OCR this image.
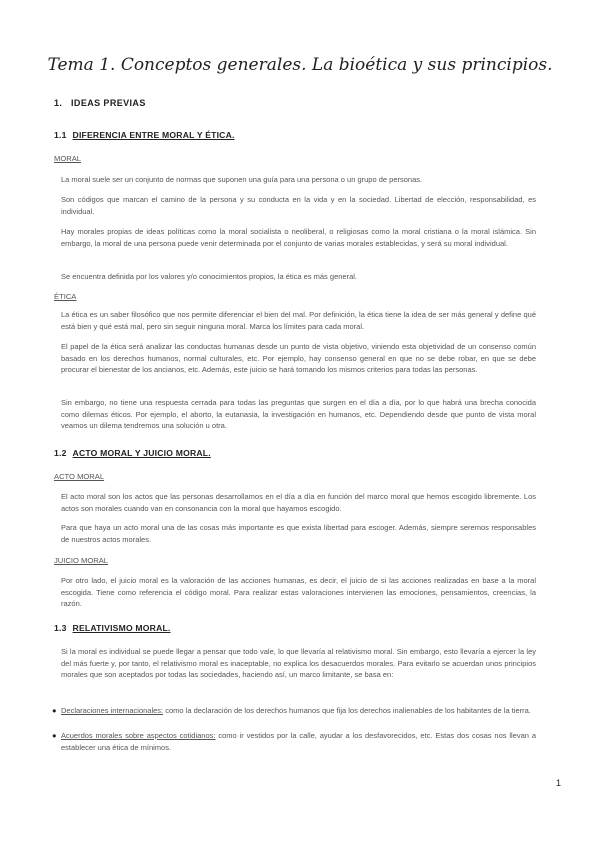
Tema 1. Conceptos generales. La bioética y sus principios.
1. IDEAS PREVIAS
1.1 DIFERENCIA ENTRE MORAL Y ÉTICA.
MORAL

La moral suele ser un conjunto de normas que suponen una guía para una persona o un grupo de personas.

Son códigos que marcan el camino de la persona y su conducta en la vida y en la sociedad. Libertad de elección, responsabilidad, es individual.

Hay morales propias de ideas políticas como la moral socialista o neoliberal, o religiosas como la moral cristiana o la moral islámica. Sin embargo, la moral de una persona puede venir determinada por el conjunto de varias morales establecidas, y será su moral individual.

Se encuentra definida por los valores y/o conocimientos propios, la ética es más general.

ÉTICA

La ética es un saber filosófico que nos permite diferenciar el bien del mal. Por definición, la ética tiene la idea de ser más general y define qué está bien y qué está mal, pero sin seguir ninguna moral. Marca los límites para cada moral.

El papel de la ética será analizar las conductas humanas desde un punto de vista objetivo, viniendo esta objetividad de un consenso común basado en los derechos humanos, normal culturales, etc. Por ejemplo, hay consenso general en que no se debe robar, en que se debe procurar el bienestar de los ancianos, etc. Además, este juicio se hará tomando los mismos criterios para todas las personas.

Sin embargo, no tiene una respuesta cerrada para todas las preguntas que surgen en el día a día, por lo que habrá una brecha conocida como dilemas éticos. Por ejemplo, el aborto, la eutanasia, la investigación en humanos, etc. Dependiendo desde que punto de vista moral veamos un dilema tendremos una solución u otra.

1.2 ACTO MORAL Y JUICIO MORAL.
ACTO MORAL

El acto moral son los actos que las personas desarrollamos en el día a día en función del marco moral que hemos escogido libremente. Los actos son morales cuando van en consonancia con la moral que hayamos escogido.

Para que haya un acto moral una de las cosas más importante es que exista libertad para escoger. Además, siempre seremos responsables de nuestros actos morales.

JUICIO MORAL

Por otro lado, el juicio moral es la valoración de las acciones humanas, es decir, el juicio de si las acciones realizadas en base a la moral escogida. Tiene como referencia el código moral. Para realizar estas valoraciones intervienen las emociones, pensamientos, creencias, la razón.

1.3 RELATIVISMO MORAL.

Si la moral es individual se puede llegar a pensar que todo vale, lo que llevaría al relativismo moral. Sin embargo, esto llevaría a ejercer la ley del más fuerte y, por tanto, el relativismo moral es inaceptable, no explica los desacuerdos morales. Para evitarlo se acuerdan unos principios morales que son aceptados por todas las sociedades, haciendo así, un marco limitante, se basa en:

● Declaraciones internacionales: como la declaración de los derechos humanos que fija los derechos inalienables de los habitantes de la tierra.
● Acuerdos morales sobre aspectos cotidianos: como ir vestidos por la calle, ayudar a los desfavorecidos, etc. Estas dos cosas nos llevan a establecer una ética de mínimos.
1
